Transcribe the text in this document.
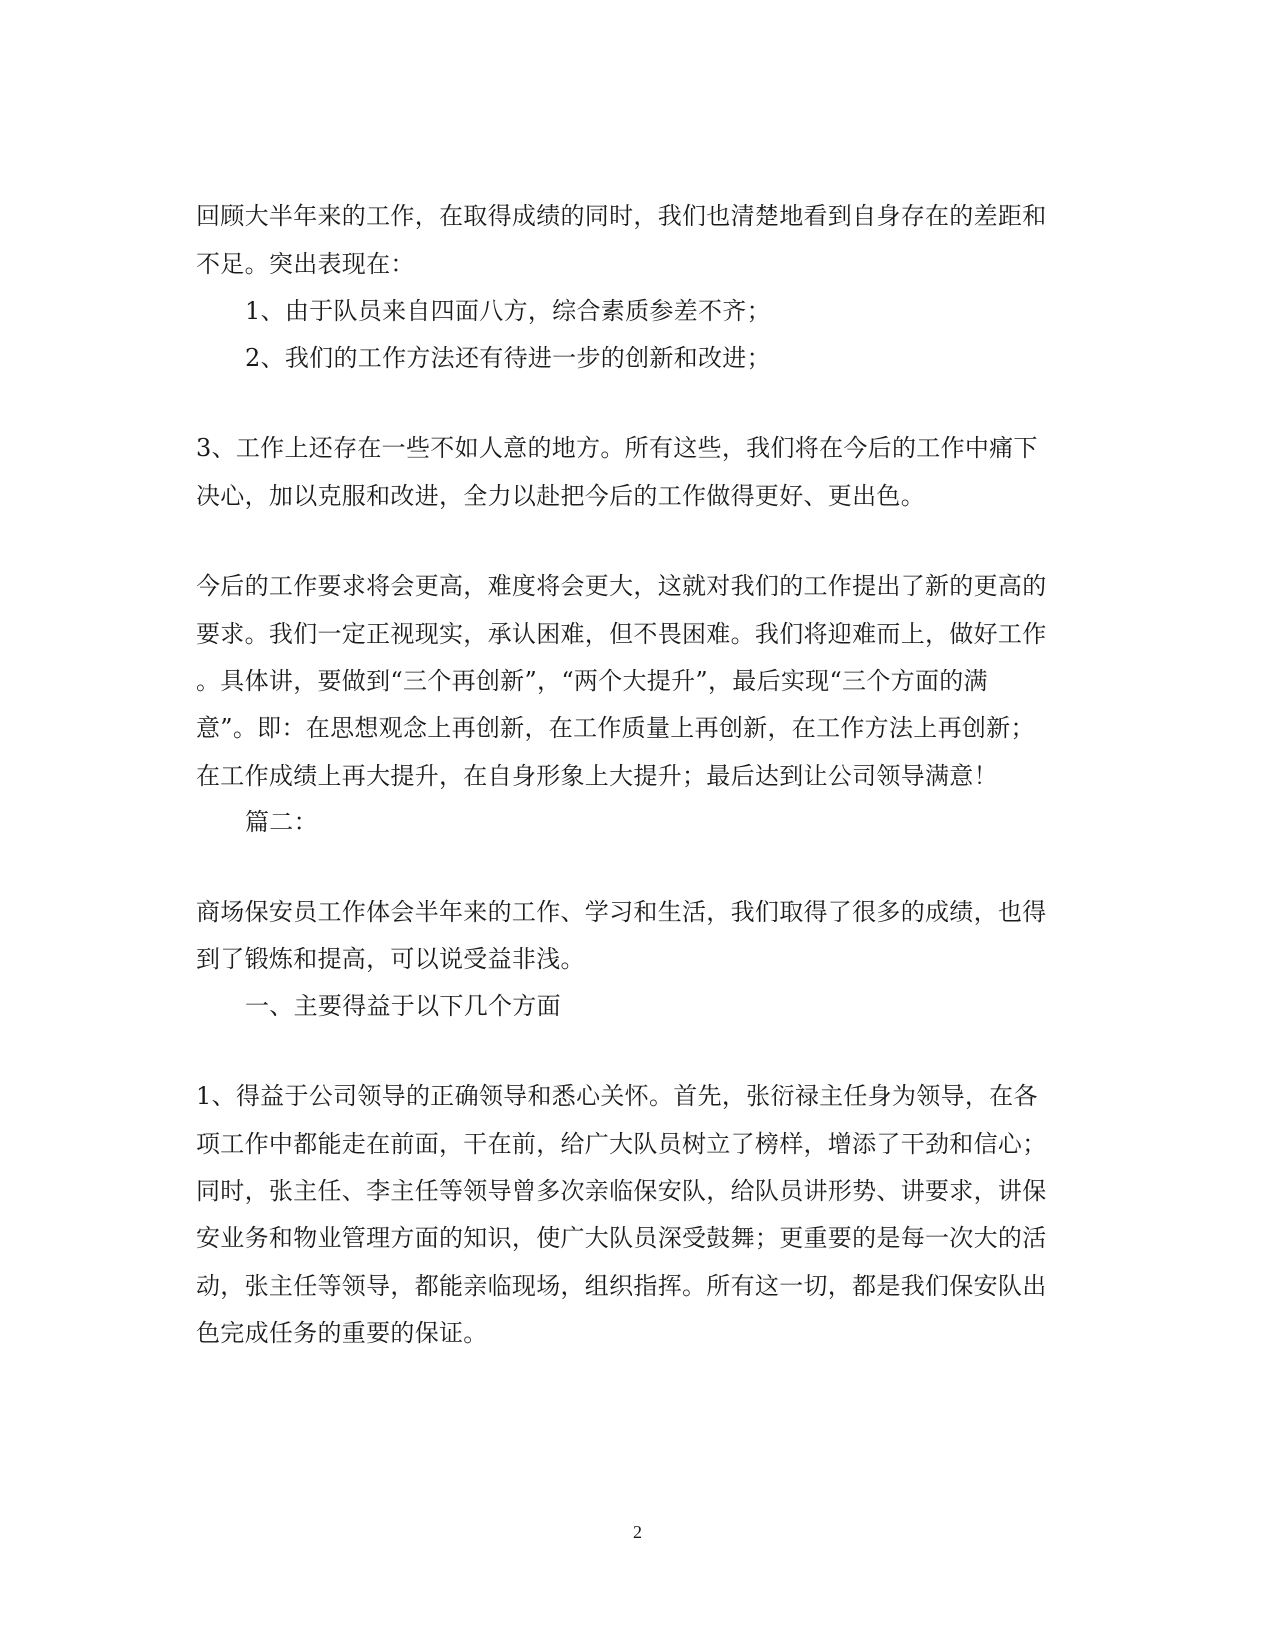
回顾大半年来的工作，在取得成绩的同时，我们也清楚地看到自身存在的差距和
不足。突出表现在：
1、由于队员来自四面八方，综合素质参差不齐；
2、我们的工作方法还有待进一步的创新和改进；
3、工作上还存在一些不如人意的地方。所有这些，我们将在今后的工作中痛下
决心，加以克服和改进，全力以赴把今后的工作做得更好、更出色。
今后的工作要求将会更高，难度将会更大，这就对我们的工作提出了新的更高的
要求。我们一定正视现实，承认困难，但不畏困难。我们将迎难而上，做好工作
。具体讲，要做到“三个再创新”，“两个大提升”，最后实现“三个方面的满
意”。即：在思想观念上再创新，在工作质量上再创新，在工作方法上再创新；
在工作成绩上再大提升，在自身形象上大提升；最后达到让公司领导满意！
篇二：
商场保安员工作体会半年来的工作、学习和生活，我们取得了很多的成绩，也得
到了锻炼和提高，可以说受益非浅。
一、主要得益于以下几个方面
1、得益于公司领导的正确领导和悉心关怀。首先，张衍禄主任身为领导，在各
项工作中都能走在前面，干在前，给广大队员树立了榜样，增添了干劲和信心；
同时，张主任、李主任等领导曾多次亲临保安队，给队员讲形势、讲要求，讲保
安业务和物业管理方面的知识，使广大队员深受鼓舞；更重要的是每一次大的活
动，张主任等领导，都能亲临现场，组织指挥。所有这一切，都是我们保安队出
色完成任务的重要的保证。
2
